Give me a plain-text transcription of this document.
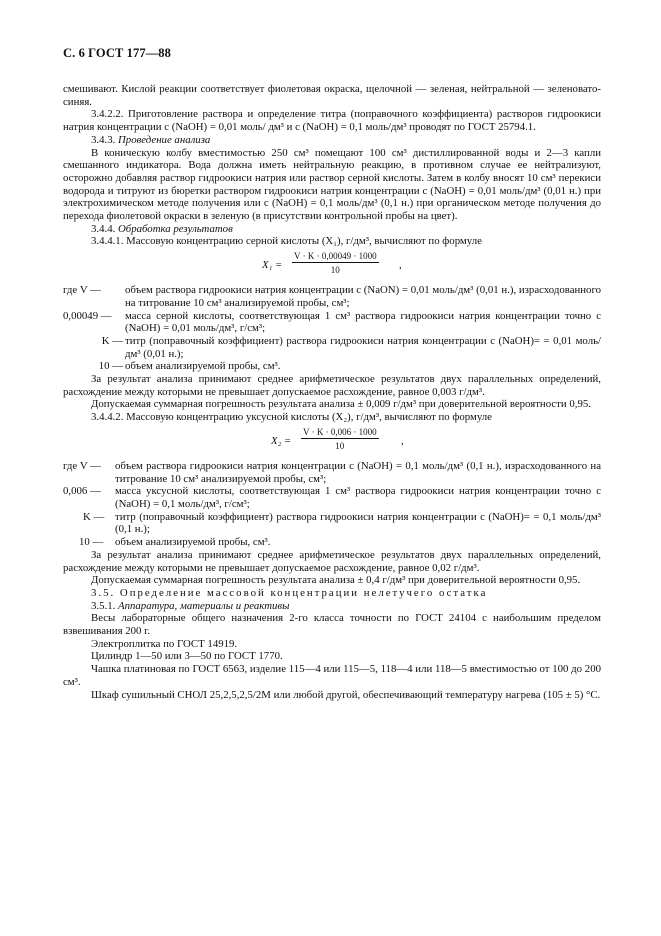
С. 6 ГОСТ 177—88

смешивают. Кислой реакции соответствует фиолетовая окраска, щелочной — зеленая, нейтральной — зеленовато-синяя.

3.4.2.2. Приготовление раствора и определение титра (поправочного коэффициента) растворов гидроокиси натрия концентрации c (NaOH) = 0,01 моль/ дм³ и c (NaOH) = 0,1 моль/дм³ проводят по ГОСТ 25794.1.

3.4.3. Проведение анализа

В коническую колбу вместимостью 250 см³ помещают 100 см³ дистиллированной воды и 2—3 капли смешанного индикатора. Вода должна иметь нейтральную реакцию, в противном случае ее нейтрализуют, осторожно добавляя раствор гидроокиси натрия или раствор серной кислоты. Затем в колбу вносят 10 см³ перекиси водорода и титруют из бюретки раствором гидроокиси натрия концентрации c (NaOH) = 0,01 моль/дм³ (0,01 н.) при электрохимическом методе получения или c (NaOH) = 0,1 моль/дм³ (0,1 н.) при органическом методе получения до перехода фиолетовой окраски в зеленую (в присутствии контрольной пробы на цвет).

3.4.4. Обработка результатов

3.4.4.1. Массовую концентрацию серной кислоты (X₁), г/дм³, вычисляют по формуле

$X_1 = \frac{V \cdot K \cdot 0,00049 \cdot 1000}{10}$ ,
где V —	объем раствора гидроокиси натрия концентрации c (NaON) = 0,01 моль/дм³ (0,01 н.), израсходованного на титрование 10 см³ анализируемой пробы, см³;
0,00049 —	масса серной кислоты, соответствующая 1 см³ раствора гидроокиси натрия концентрации точно c (NaOH) = 0,01 моль/дм³, г/см³;
K — титр (поправочный коэффициент) раствора гидроокиси натрия концентрации c (NaOH)= = 0,01 моль/дм³ (0,01 н.);
10 — объем анализируемой пробы, см³.

За результат анализа принимают среднее арифметическое результатов двух параллельных определений, расхождение между которыми не превышает допускаемое расхождение, равное 0,003 г/дм³.

Допускаемая суммарная погрешность результата анализа ± 0,009 г/дм³ при доверительной вероятности 0,95.

3.4.4.2. Массовую концентрацию уксусной кислоты (X₂), г/дм³, вычисляют по формуле

$X_2 = \frac{V \cdot K \cdot 0,006 \cdot 1000}{10}$ ,
где V —	объем раствора гидроокиси натрия концентрации c (NaOH) = 0,1 моль/дм³ (0,1 н.), израсходованного на титрование 10 см³ анализируемой пробы, см³;
0,006 —	масса уксусной кислоты, соответствующая 1 см³ раствора гидроокиси натрия концентрации точно c (NaOH) = 0,1 моль/дм³, г/см³;
K — титр (поправочный коэффициент) раствора гидроокиси натрия концентрации c (NaOH)= = 0,1 моль/дм³ (0,1 н.);
10 —	объем анализируемой пробы, см³.

За результат анализа принимают среднее арифметическое результатов двух параллельных определений, расхождение между которыми не превышает допускаемое расхождение, равное 0,02 г/дм³.

Допускаемая суммарная погрешность результата анализа ± 0,4 г/дм³ при доверительной вероятности 0,95.

3.5. Определение массовой концентрации нелетучего остатка

3.5.1. Аппаратура, материалы и реактивы

Весы лабораторные общего назначения 2-го класса точности по ГОСТ 24104 с наибольшим пределом взвешивания 200 г.

Электроплитка по ГОСТ 14919.

Цилиндр 1—50 или 3—50 по ГОСТ 1770.

Чашка платиновая по ГОСТ 6563, изделие 115—4 или 115—5, 118—4 или 118—5 вместимостью от 100 до 200 см³.

Шкаф сушильный СНОЛ 25,2,5,2,5/2М или любой другой, обеспечивающий температуру нагрева (105 ± 5) °С.
